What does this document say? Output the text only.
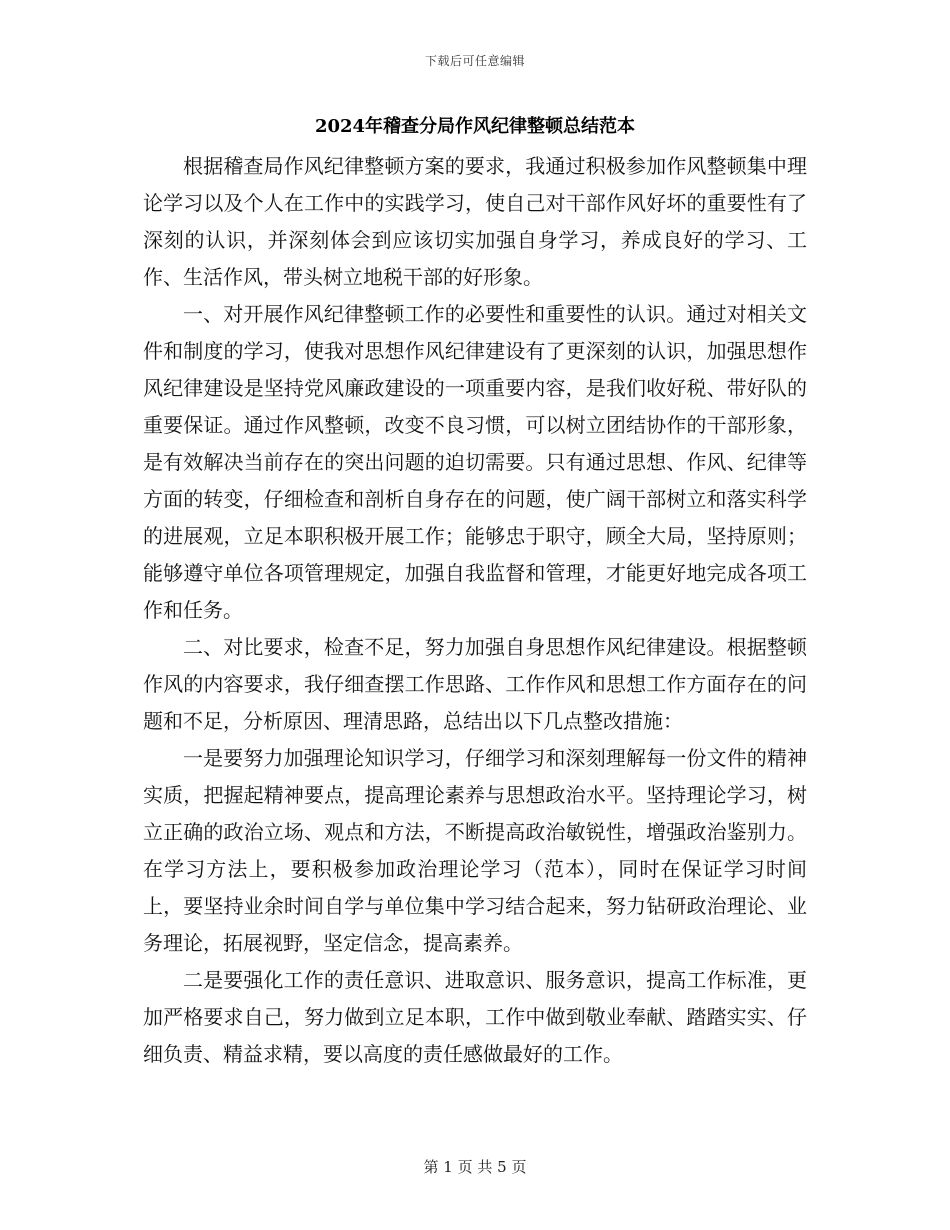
下载后可任意编辑
2024年稽查分局作风纪律整顿总结范本

根据稽查局作风纪律整顿方案的要求，我通过积极参加作风整顿集中理论学习以及个人在工作中的实践学习，使自己对干部作风好坏的重要性有了深刻的认识，并深刻体会到应该切实加强自身学习，养成良好的学习、工作、生活作风，带头树立地税干部的好形象。

一、对开展作风纪律整顿工作的必要性和重要性的认识。通过对相关文件和制度的学习，使我对思想作风纪律建设有了更深刻的认识，加强思想作风纪律建设是坚持党风廉政建设的一项重要内容，是我们收好税、带好队的重要保证。通过作风整顿，改变不良习惯，可以树立团结协作的干部形象，是有效解决当前存在的突出问题的迫切需要。只有通过思想、作风、纪律等方面的转变，仔细检查和剖析自身存在的问题，使广阔干部树立和落实科学的进展观，立足本职积极开展工作；能够忠于职守，顾全大局，坚持原则；能够遵守单位各项管理规定，加强自我监督和管理，才能更好地完成各项工作和任务。

二、对比要求，检查不足，努力加强自身思想作风纪律建设。根据整顿作风的内容要求，我仔细查摆工作思路、工作作风和思想工作方面存在的问题和不足，分析原因、理清思路，总结出以下几点整改措施：

一是要努力加强理论知识学习，仔细学习和深刻理解每一份文件的精神实质，把握起精神要点，提高理论素养与思想政治水平。坚持理论学习，树立正确的政治立场、观点和方法，不断提高政治敏锐性，增强政治鉴别力。在学习方法上，要积极参加政治理论学习（范本），同时在保证学习时间上，要坚持业余时间自学与单位集中学习结合起来，努力钻研政治理论、业务理论，拓展视野，坚定信念，提高素养。

二是要强化工作的责任意识、进取意识、服务意识，提高工作标准，更加严格要求自己，努力做到立足本职，工作中做到敬业奉献、踏踏实实、仔细负责、精益求精，要以高度的责任感做最好的工作。

第 1 页 共 5 页
